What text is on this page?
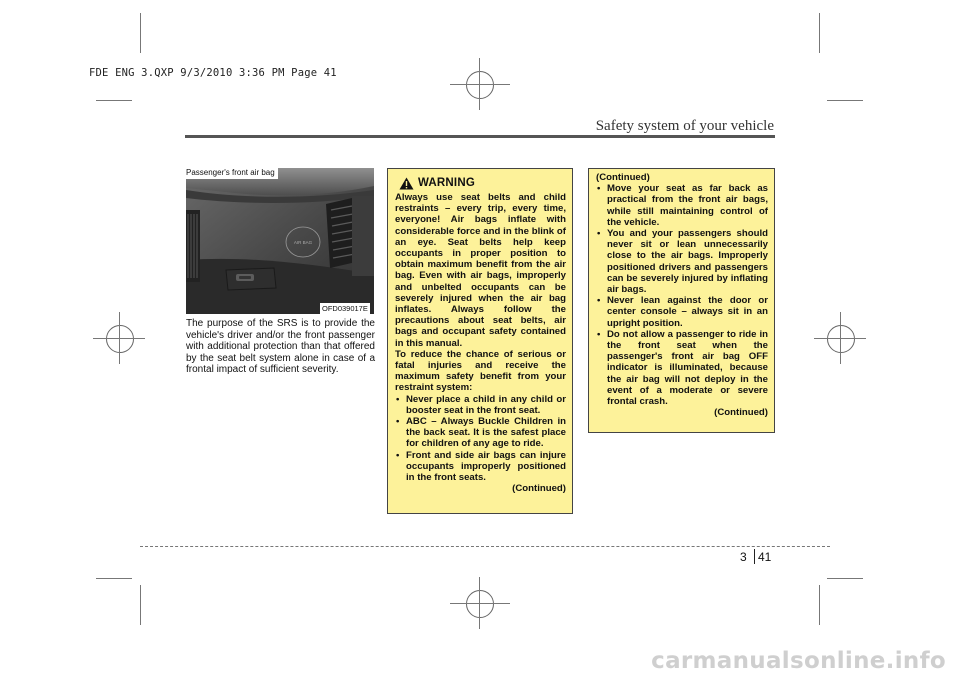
FDE ENG 3.QXP 9/3/2010 3:36 PM Page 41
Safety system of your vehicle
AIR BAG
Passenger's front air bag
OFD039017E
The purpose of the SRS is to provide the vehicle's driver and/or the front passenger with additional protection than that offered by the seat belt system alone in case of a frontal impact of sufficient severity.
WARNING

Always use seat belts and child restraints – every trip, every time, everyone! Air bags inflate with considerable force and in the blink of an eye. Seat belts help keep occupants in proper position to obtain maximum benefit from the air bag. Even with air bags, improperly and unbelted occupants can be severely injured when the air bag inflates. Always follow the precautions about seat belts, air bags and occupant safety contained in this manual.

To reduce the chance of serious or fatal injuries and receive the maximum safety benefit from your restraint system:

• Never place a child in any child or booster seat in the front seat.
• ABC – Always Buckle Children in the back seat. It is the safest place for children of any age to ride.
• Front and side air bags can injure occupants improperly positioned in the front seats.

(Continued)

(Continued)

• Move your seat as far back as practical from the front air bags, while still maintaining control of the vehicle.
• You and your passengers should never sit or lean unnecessarily close to the air bags. Improperly positioned drivers and passengers can be severely injured by inflating air bags.
• Never lean against the door or center console – always sit in an upright position.
• Do not allow a passenger to ride in the front seat when the passenger's front air bag OFF indicator is illuminated, because the air bag will not deploy in the event of a moderate or severe frontal crash.

(Continued)

3 41
carmanualsonline.info
